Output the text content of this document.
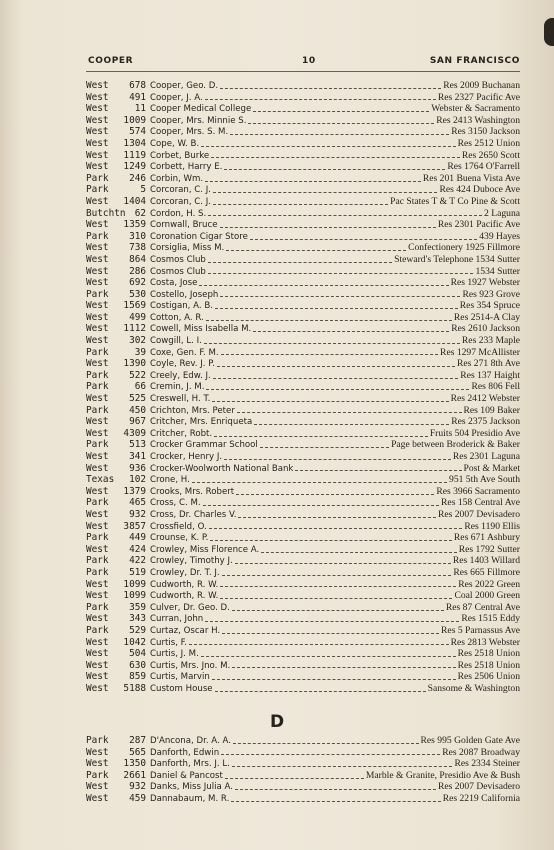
COOPER	10	SAN FRANCISCO
West	678 Cooper, Geo. D.	Res 2009 Buchanan
West	491 Cooper, J. A.	Res 2327 Pacific Ave
West	11 Cooper Medical College	Webster & Sacramento
West	1009 Cooper, Mrs. Minnie S.	Res 2413 Washington
West	574 Cooper, Mrs. S. M.	Res 3150 Jackson
West	1304 Cope, W. B.	Res 2512 Union
West	1119 Corbet, Burke	Res 2650 Scott
West	1249 Corbett, Harry E.	Res 1764 O'Farrell
Park	246 Corbin, Wm.	Res 201 Buena Vista Ave
Park	5 Corcoran, C. J.	Res 424 Duboce Ave
West	1404 Corcoran, C. J.	Pac States T & T Co Pine & Scott
Butchtn 62 Cordon, H. S.	2 Laguna
West	1359 Cornwall, Bruce	Res 2301 Pacific Ave
Park	310 Coronation Cigar Store	439 Hayes
West	738 Corsiglia, Miss M.	Confectionery 1925 Fillmore
West	864 Cosmos Club	Steward's Telephone 1534 Sutter
West	286 Cosmos Club	1534 Sutter
West	692 Costa, Jose	Res 1927 Webster
Park	530 Costello, Joseph	Res 923 Grove
West	1569 Costigan, A. B.	Res 354 Spruce
West	499 Cotton, A. R.	Res 2514-A Clay
West	1112 Cowell, Miss Isabella M.	Res 2610 Jackson
West	302 Cowgill, L. I.	Res 233 Maple
Park	39 Coxe, Gen. F. M.	Res 1297 McAllister
West	1390 Coyle, Rev. J. P.	Res 271 8th Ave
Park	522 Creely, Edw. J.	Res 137 Haight
Park	66 Cremin, J. M.	Res 806 Fell
West	525 Creswell, H. T.	Res 2412 Webster
Park	450 Crichton, Mrs. Peter	Res 109 Baker
West	967 Critcher, Mrs. Enriqueta	Res 2375 Jackson
West	4309 Critcher, Robt.	Fruits 504 Presidio Ave
Park	513 Crocker Grammar School	Page between Broderick & Baker
West	341 Crocker, Henry J.	Res 2301 Laguna
West	936 Crocker-Woolworth National Bank	Post & Market
Texas	102 Crone, H.	951 5th Ave South
West	1379 Crooks, Mrs. Robert	Res 3966 Sacramento
Park	465 Cross, C. M.	Res 158 Central Ave
West	932 Cross, Dr. Charles V.	Res 2007 Devisadero
West	3857 Crossfield, O.	Res 1190 Ellis
Park	449 Crounse, K. P.	Res 671 Ashbury
West	424 Crowley, Miss Florence A.	Res 1792 Sutter
Park	422 Crowley, Timothy J.	Res 1403 Willard
Park	519 Crowley, Dr. T. J.	Res 665 Fillmore
West	1099 Cudworth, R. W.	Res 2022 Green
West	1099 Cudworth, R. W.	Coal 2000 Green
Park	359 Culver, Dr. Geo. D.	Res 87 Central Ave
West	343 Curran, John	Res 1515 Eddy
Park	529 Curtaz, Oscar H.	Res 5 Parnassus Ave
West	1042 Curtis, F.	Res 2813 Webster
West	504 Curtis, J. M.	Res 2518 Union
West	630 Curtis, Mrs. Jno. M.	Res 2518 Union
West	859 Curtis, Marvin	Res 2506 Union
West	5188 Custom House	Sansome & Washington
D
Park	287 D'Ancona, Dr. A. A.	Res 995 Golden Gate Ave
West	565 Danforth, Edwin	Res 2087 Broadway
West	1350 Danforth, Mrs. J. L.	Res 2334 Steiner
Park	2661 Daniel & Pancost	Marble & Granite, Presidio Ave & Bush
West	932 Danks, Miss Julia A.	Res 2007 Devisadero
West	459 Dannabaum, M. R.	Res 2219 California
